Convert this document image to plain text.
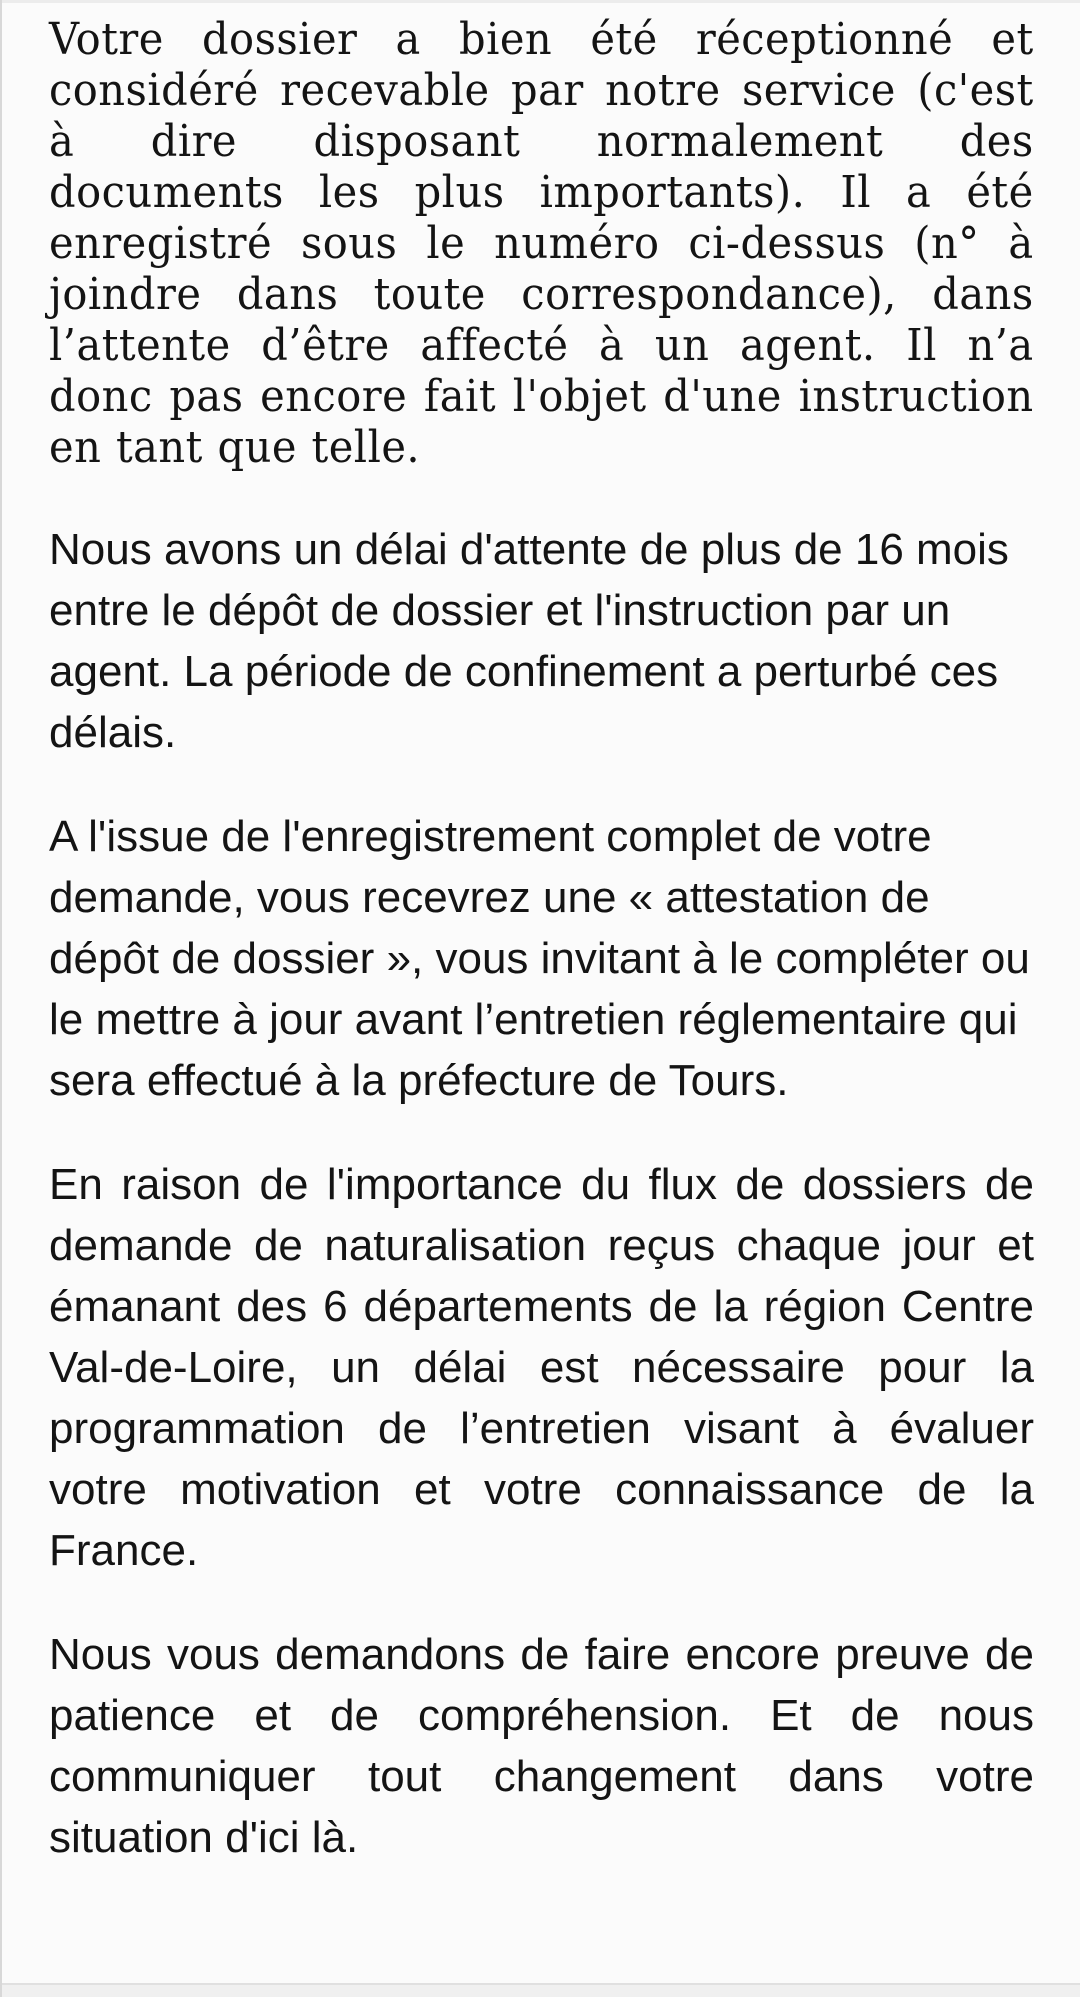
Votre dossier a bien été réceptionné et considéré recevable par notre service (c'est à dire disposant normalement des documents les plus importants). Il a été enregistré sous le numéro ci-dessus (n° à joindre dans toute correspondance), dans l’attente d’être affecté à un agent. Il n’a donc pas encore fait l'objet d'une instruction en tant que telle.

Nous avons un délai d'attente de plus de 16 mois entre le dépôt de dossier et l'instruction par un agent. La période de confinement a perturbé ces délais.

A l'issue de l'enregistrement complet de votre demande, vous recevrez une « attestation de dépôt de dossier », vous invitant à le compléter ou le mettre à jour avant l’entretien réglementaire qui sera effectué à la préfecture de Tours.

En raison de l'importance du flux de dossiers de demande de naturalisation reçus chaque jour et émanant des 6 départements de la région Centre Val-de-Loire, un délai est nécessaire pour la programmation de l’entretien visant à évaluer votre motivation et votre connaissance de la France.

Nous vous demandons de faire encore preuve de patience et de compréhension. Et de nous communiquer tout changement dans votre situation d'ici là.
